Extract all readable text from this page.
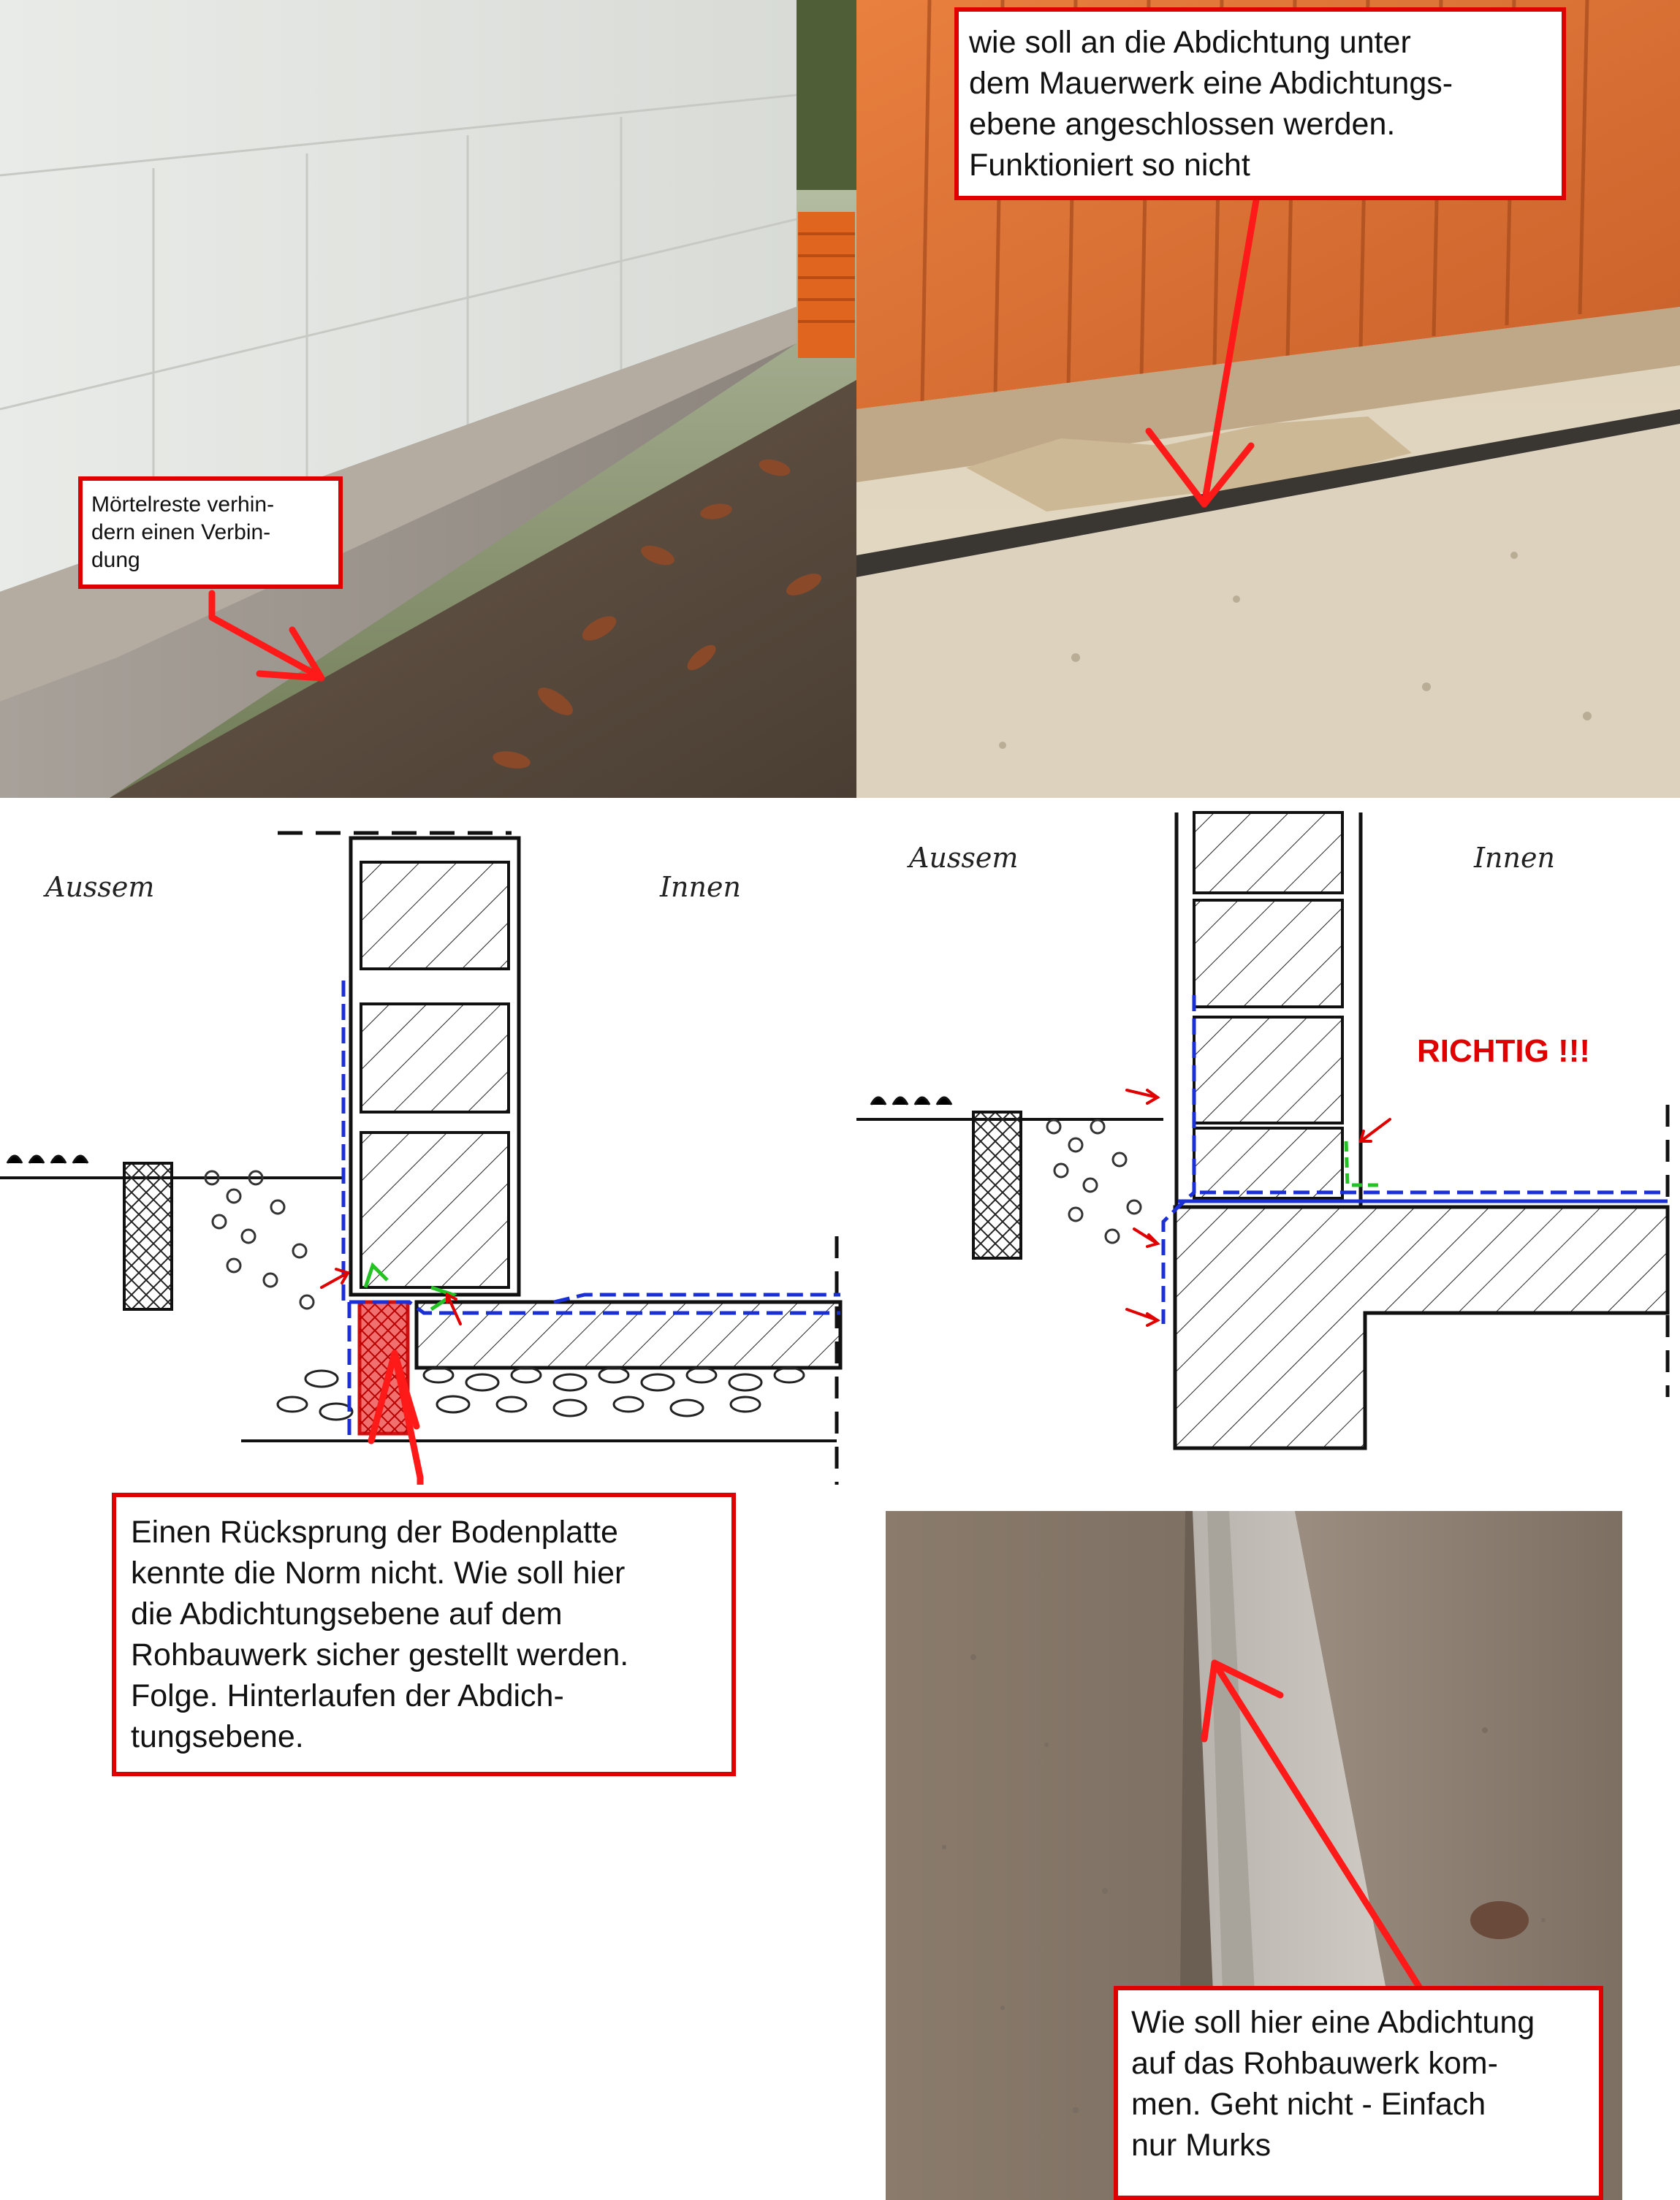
Mörtelreste verhin-
dern einen Verbin-
dung
wie soll an die Abdichtung unter
dem Mauerwerk eine Abdichtungs-
ebene angeschlossen werden.
Funktioniert so nicht
Aussem	Innen
Einen Rücksprung der Bodenplatte
kennte die Norm nicht. Wie soll hier
die Abdichtungsebene auf dem
Rohbauwerk sicher gestellt werden.
Folge. Hinterlaufen der Abdich-
tungsebene.
Aussem	Innen
RICHTIG !!!
Wie soll hier eine Abdichtung
auf das Rohbauwerk kom-
men. Geht nicht - Einfach
nur Murks
